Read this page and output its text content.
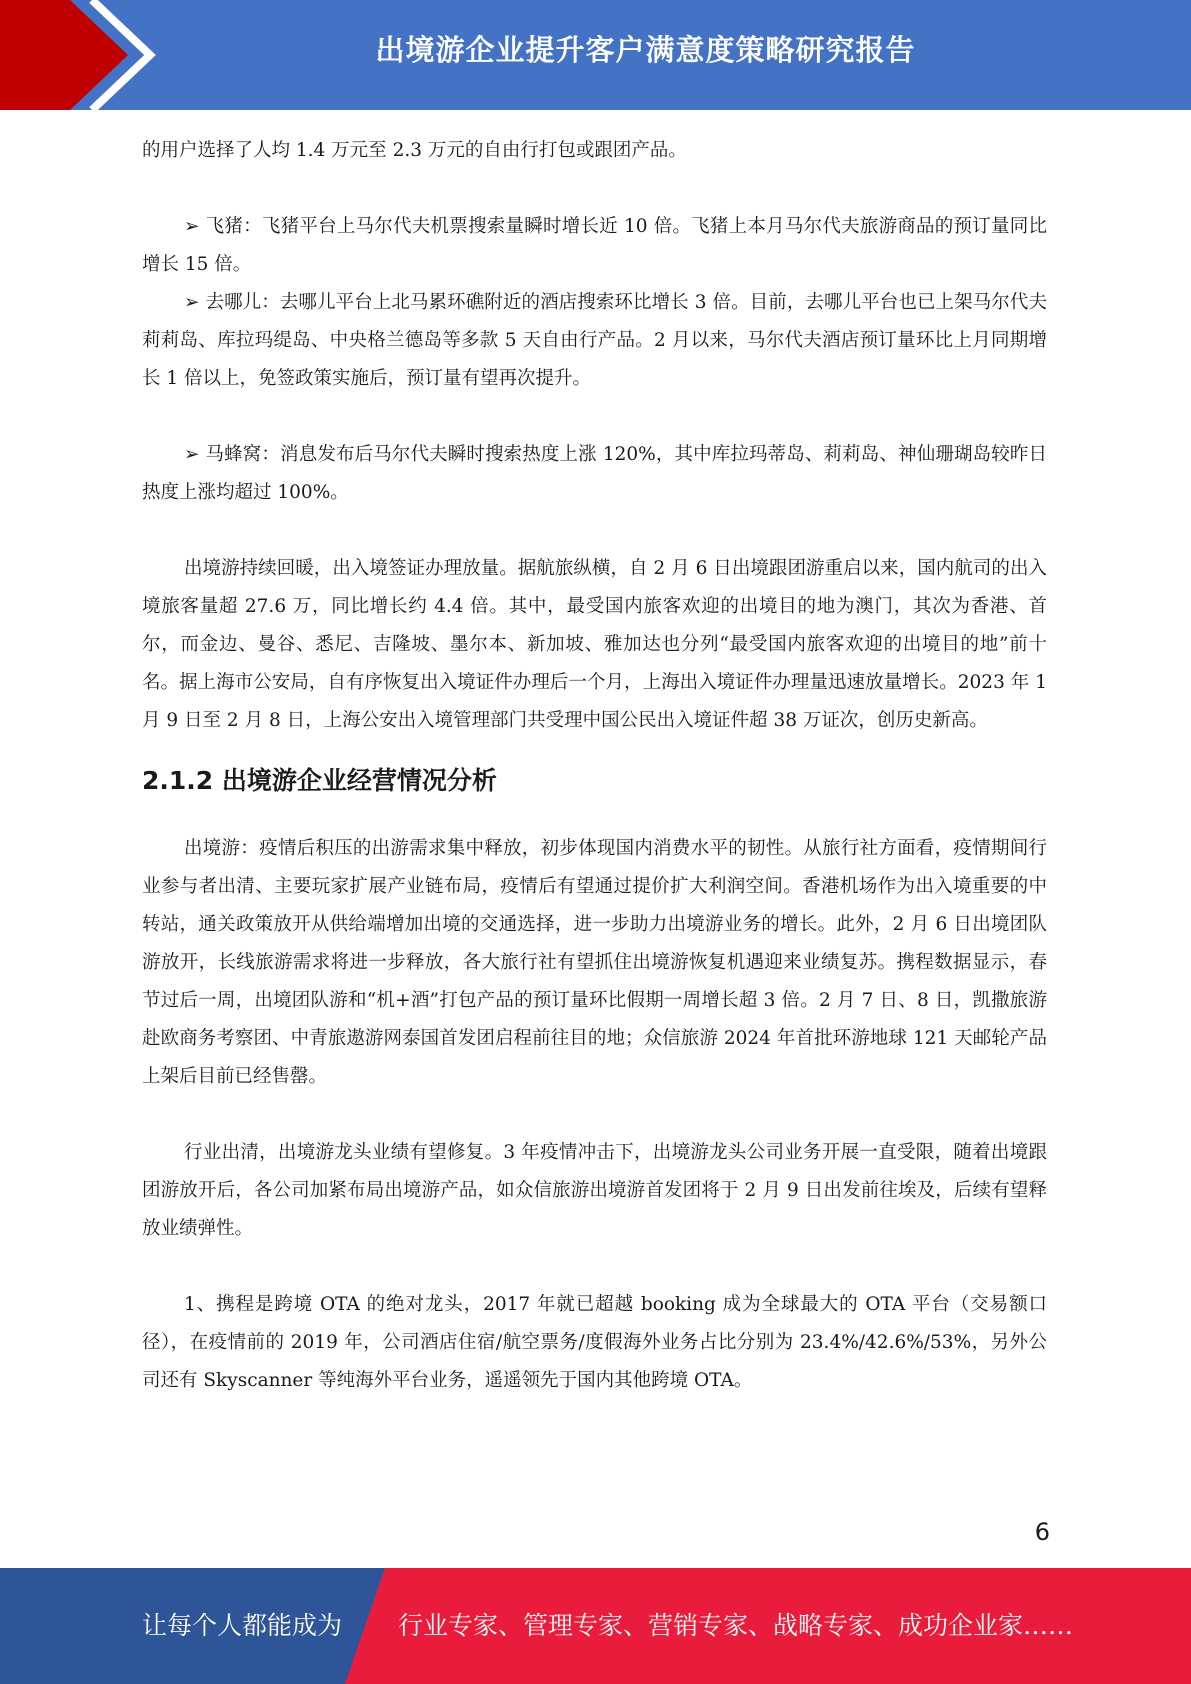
出境游企业提升客户满意度策略研究报告

的用户选择了人均 1.4 万元至 2.3 万元的自由行打包或跟团产品。

➢ 飞猪：飞猪平台上马尔代夫机票搜索量瞬时增长近 10 倍。飞猪上本月马尔代夫旅游商品的预订量同比增长 15 倍。

➢ 去哪儿：去哪儿平台上北马累环礁附近的酒店搜索环比增长 3 倍。目前，去哪儿平台也已上架马尔代夫莉莉岛、库拉玛缇岛、中央格兰德岛等多款 5 天自由行产品。2 月以来，马尔代夫酒店预订量环比上月同期增长 1 倍以上，免签政策实施后，预订量有望再次提升。

➢ 马蜂窝：消息发布后马尔代夫瞬时搜索热度上涨 120%，其中库拉玛蒂岛、莉莉岛、神仙珊瑚岛较昨日热度上涨均超过 100%。

出境游持续回暖，出入境签证办理放量。据航旅纵横，自 2 月 6 日出境跟团游重启以来，国内航司的出入境旅客量超 27.6 万，同比增长约 4.4 倍。其中，最受国内旅客欢迎的出境目的地为澳门，其次为香港、首尔，而金边、曼谷、悉尼、吉隆坡、墨尔本、新加坡、雅加达也分列“最受国内旅客欢迎的出境目的地”前十名。据上海市公安局，自有序恢复出入境证件办理后一个月，上海出入境证件办理量迅速放量增长。2023 年 1 月 9 日至 2 月 8 日，上海公安出入境管理部门共受理中国公民出入境证件超 38 万证次，创历史新高。

2.1.2 出境游企业经营情况分析

出境游：疫情后积压的出游需求集中释放，初步体现国内消费水平的韧性。从旅行社方面看，疫情期间行业参与者出清、主要玩家扩展产业链布局，疫情后有望通过提价扩大利润空间。香港机场作为出入境重要的中转站，通关政策放开从供给端增加出境的交通选择，进一步助力出境游业务的增长。此外，2 月 6 日出境团队游放开，长线旅游需求将进一步释放，各大旅行社有望抓住出境游恢复机遇迎来业绩复苏。携程数据显示，春节过后一周，出境团队游和“机+酒”打包产品的预订量环比假期一周增长超 3 倍。2 月 7 日、8 日，凯撒旅游赴欧商务考察团、中青旅遨游网泰国首发团启程前往目的地；众信旅游 2024 年首批环游地球 121 天邮轮产品上架后目前已经售罄。

行业出清，出境游龙头业绩有望修复。3 年疫情冲击下，出境游龙头公司业务开展一直受限，随着出境跟团游放开后，各公司加紧布局出境游产品，如众信旅游出境游首发团将于 2 月 9 日出发前往埃及，后续有望释放业绩弹性。

1、携程是跨境 OTA 的绝对龙头，2017 年就已超越 booking 成为全球最大的 OTA 平台（交易额口径），在疫情前的 2019 年，公司酒店住宿/航空票务/度假海外业务占比分别为 23.4%/42.6%/53%，另外公司还有 Skyscanner 等纯海外平台业务，遥遥领先于国内其他跨境 OTA。

6
让每个人都能成为 行业专家、管理专家、营销专家、战略专家、成功企业家……
